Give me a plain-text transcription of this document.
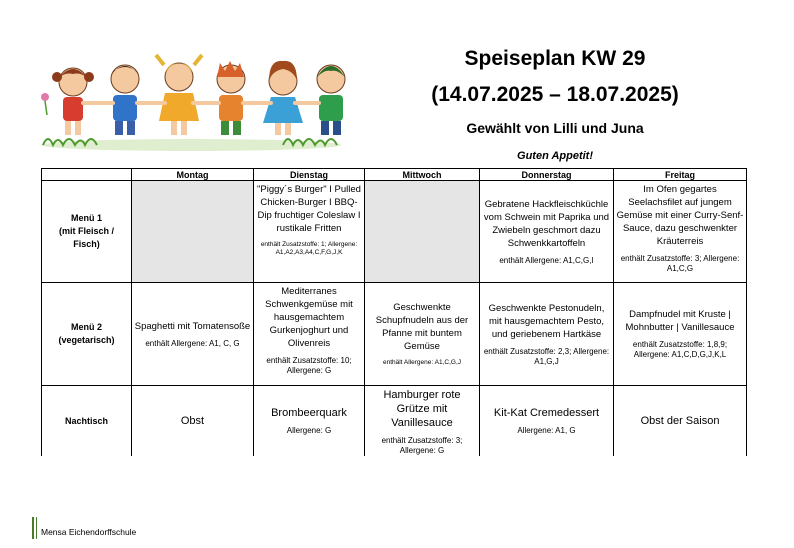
Speiseplan KW 29
(14.07.2025 – 18.07.2025)
Gewählt von Lilli und Juna
Guten Appetit!
	Montag	Dienstag	Mittwoch	Donnerstag	Freitag
Menü 1
(mit Fleisch /
Fisch)		"Piggy´s Burger" I Pulled Chicken-Burger I BBQ-Dip fruchtiger Coleslaw I rustikale Fritten
enthält Zusatzstoffe: 1; Allergene: A1,A2,A3,A4,C,F,G,J,K		Gebratene Hackfleischküchle vom Schwein mit Paprika und Zwiebeln geschmort dazu Schwenkkartoffeln
enthält Allergene: A1,C,G,I	Im Ofen gegartes Seelachsfilet auf jungem Gemüse mit einer Curry-Senf-Sauce, dazu geschwenkter Kräuterreis
enthält Zusatzstoffe: 3; Allergene: A1,C,G

Menü 2
(vegetarisch)	Spaghetti mit Tomatensoße
enthält Allergene: A1, C, G	Mediterranes Schwenkgemüse mit hausgemachtem Gurkenjoghurt und Olivenreis
enthält Zusatzstoffe: 10; Allergene: G	Geschwenkte Schupfnudeln aus der Pfanne mit buntem Gemüse
enthält Allergene: A1,C,G,J	Geschwenkte Pestonudeln, mit hausgemachtem Pesto, und geriebenem Hartkäse
enthält Zusatzstoffe: 2,3; Allergene: A1,G,J	Dampfnudel mit Kruste | Mohnbutter | Vanillesauce
enthält Zusatzstoffe: 1,8,9; Allergene: A1,C,D,G,J,K,L

Nachtisch	Obst	Brombeerquark
Allergene: G	Hamburger rote Grütze mit Vanillesauce
enthält Zusatzstoffe: 3; Allergene: G	Kit-Kat Cremedessert
Allergene: A1, G	Obst der Saison
Mensa Eichendorffschule
